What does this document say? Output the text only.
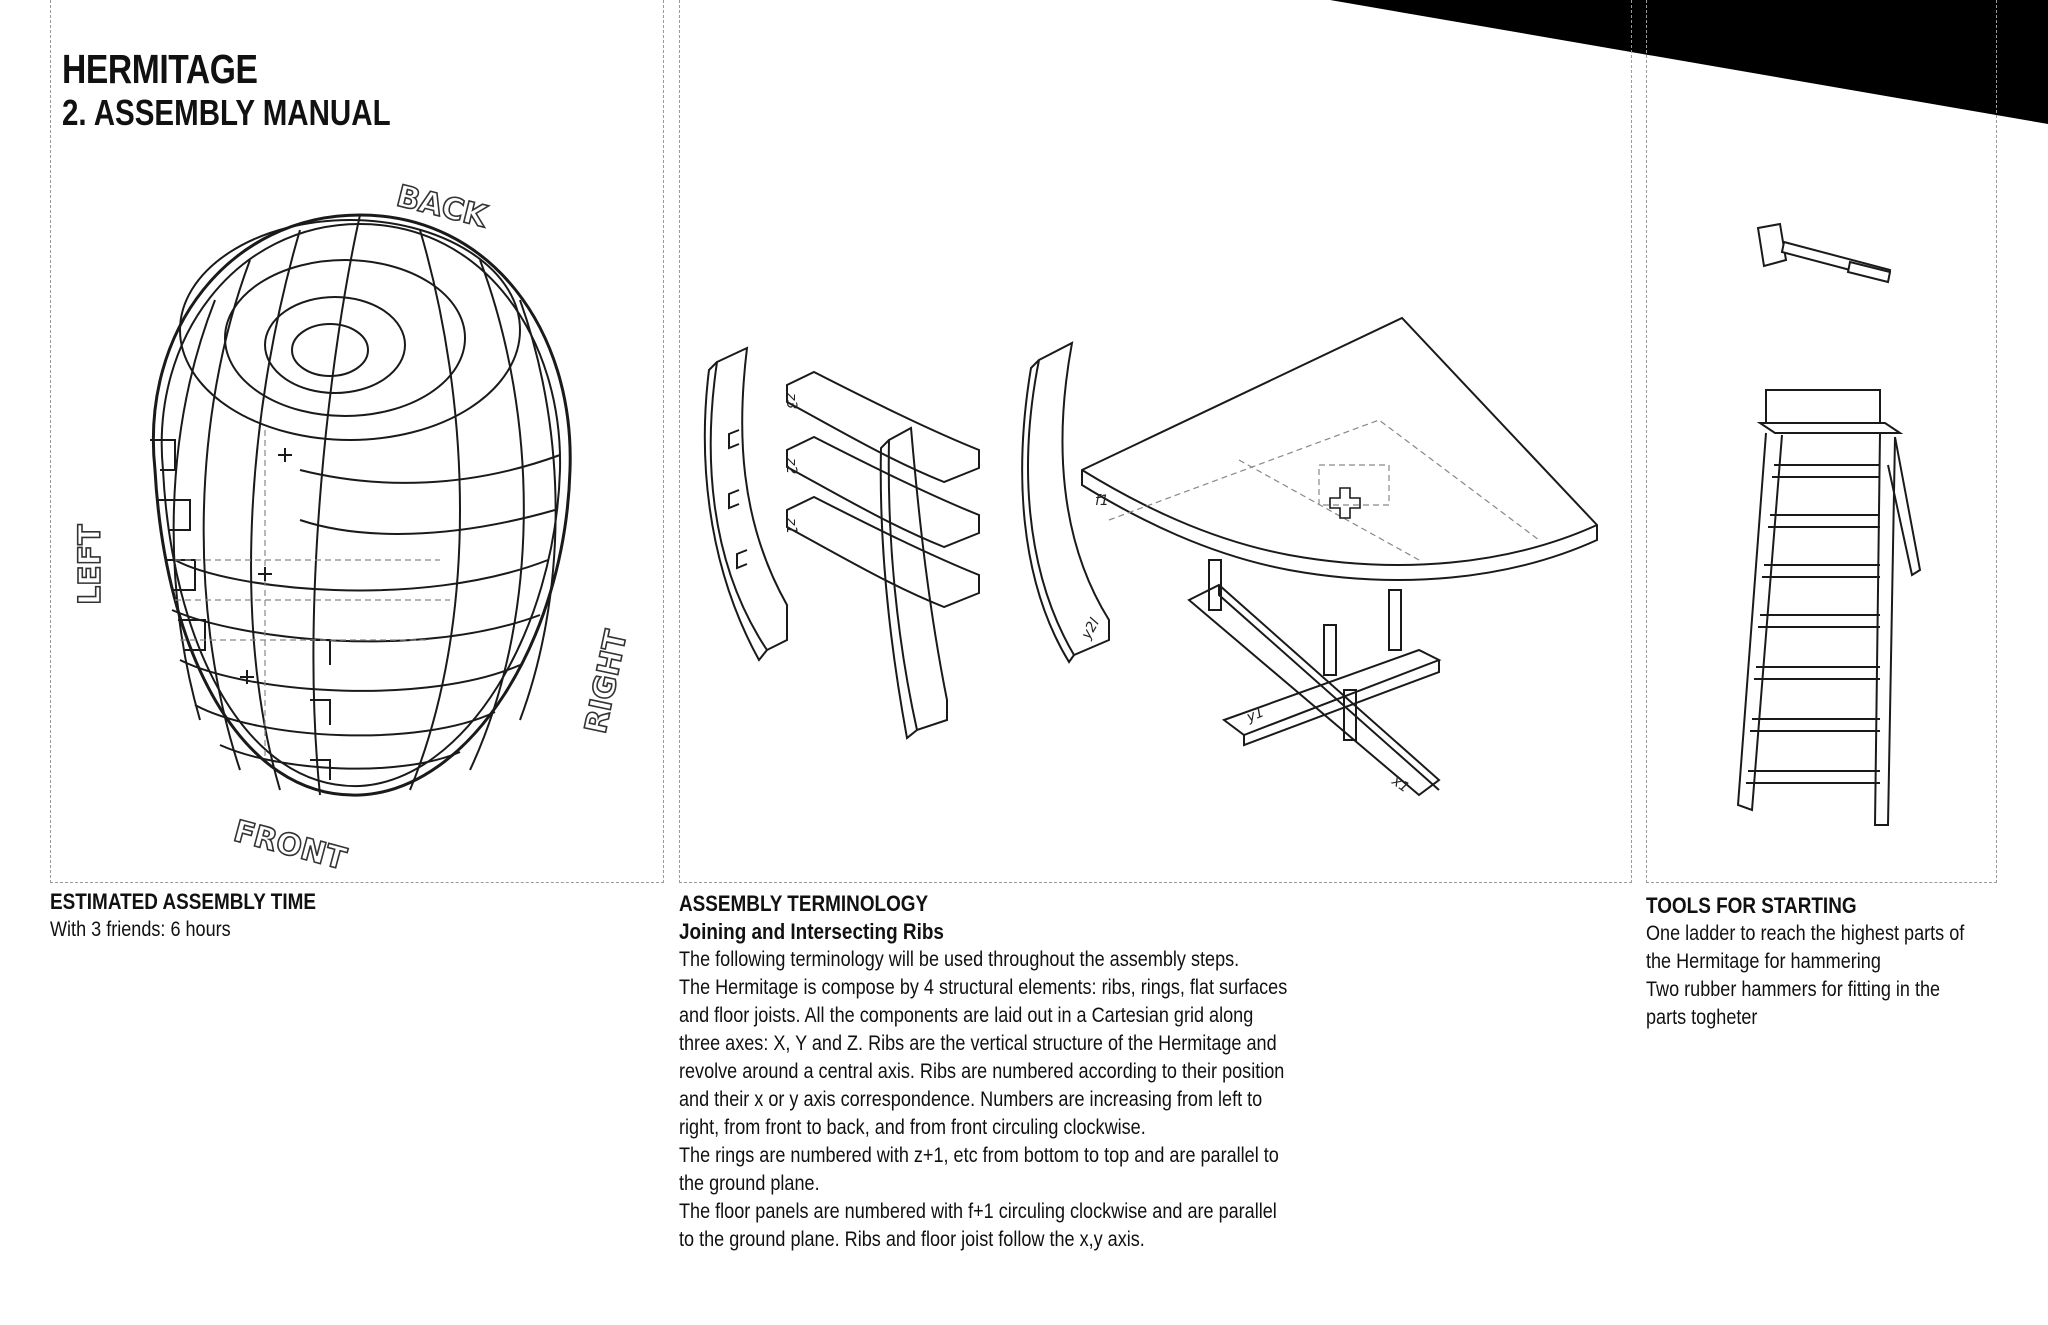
HERMITAGE
2. ASSEMBLY MANUAL
BACK
LEFT
RIGHT
FRONT
z3
z2
z1
f1
y2l
y1
x1

ESTIMATED ASSEMBLY TIME

With 3 friends: 6 hours

ASSEMBLY TERMINOLOGY

Joining and Intersecting Ribs

The following terminology will be used throughout the assembly steps.

The Hermitage is compose by 4 structural elements: ribs, rings, flat surfaces

and floor joists. All the components are laid out in a Cartesian grid along

three axes: X, Y and Z. Ribs are the vertical structure of the Hermitage and

revolve around a central axis. Ribs are numbered according to their position

and their x or y axis correspondence. Numbers are increasing from left to

right, from front to back, and from front circuling clockwise.

The rings are numbered with z+1, etc from bottom to top and are parallel to

the ground plane.

The floor panels are numbered with f+1 circuling clockwise and are parallel

to the ground plane. Ribs and floor joist follow the x,y axis.

TOOLS FOR STARTING

One ladder to reach the highest parts of

the Hermitage for hammering

Two rubber hammers for fitting in the

parts togheter
